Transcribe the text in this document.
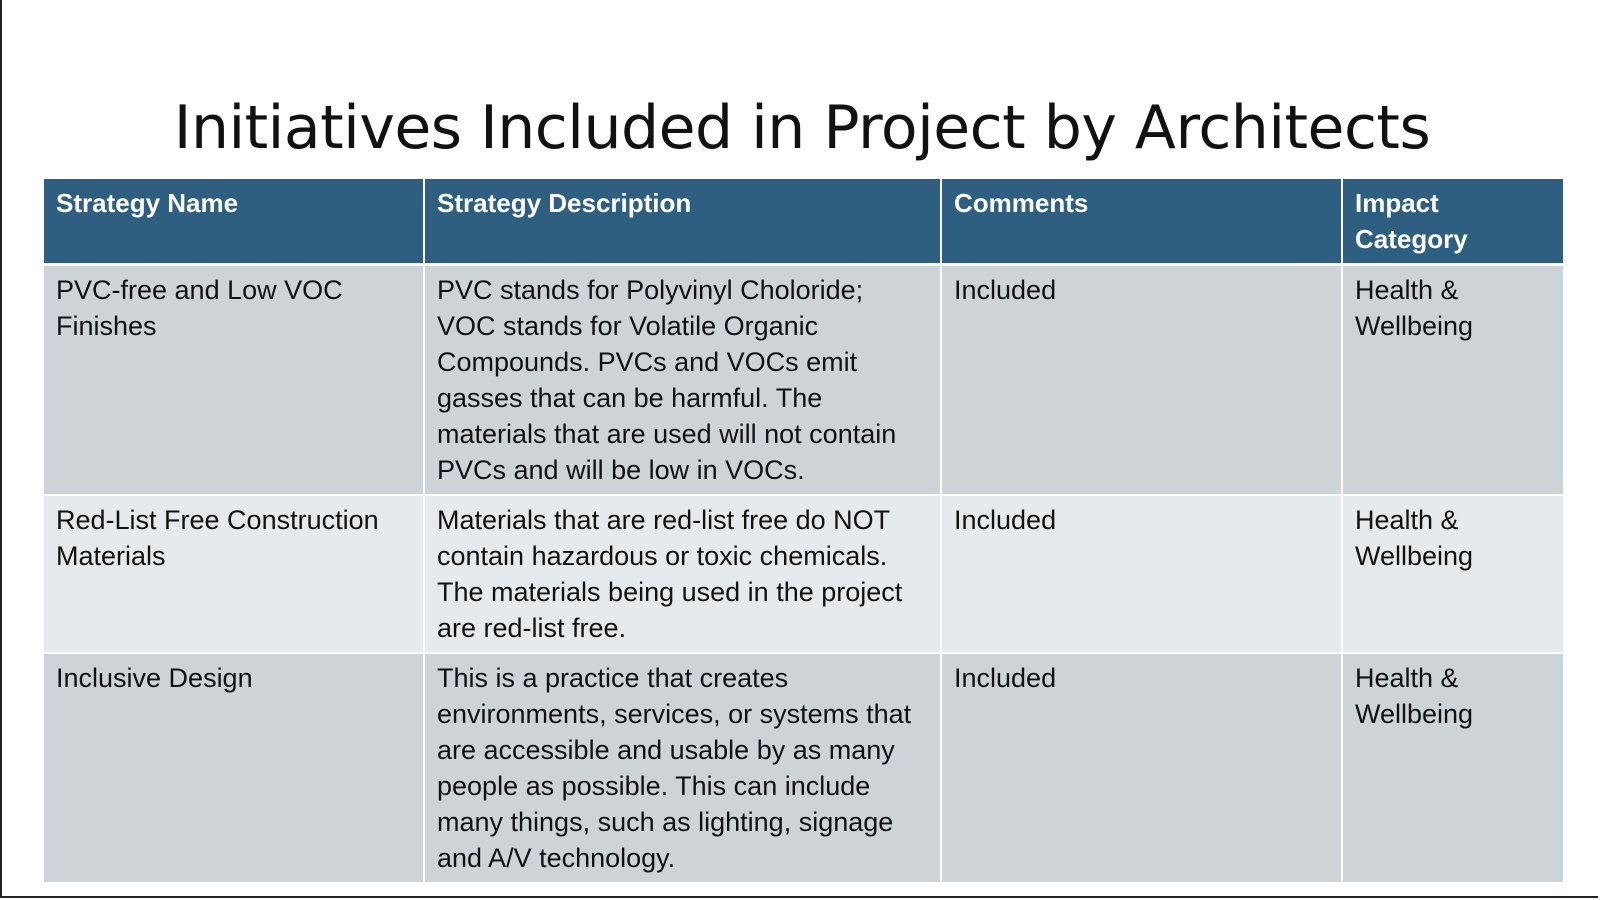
Initiatives Included in Project by Architects
Strategy Name	Strategy Description	Comments	Impact Category
PVC-free and Low VOC Finishes	PVC stands for Polyvinyl Choloride; VOC stands for Volatile Organic Compounds. PVCs and VOCs emit gasses that can be harmful. The materials that are used will not contain PVCs and will be low in VOCs.	Included	Health & Wellbeing
Red-List Free Construction Materials	Materials that are red-list free do NOT contain hazardous or toxic chemicals. The materials being used in the project are red-list free.	Included	Health & Wellbeing
Inclusive Design	This is a practice that creates environments, services, or systems that are accessible and usable by as many people as possible. This can include many things, such as lighting, signage and A/V technology.	Included	Health & Wellbeing
